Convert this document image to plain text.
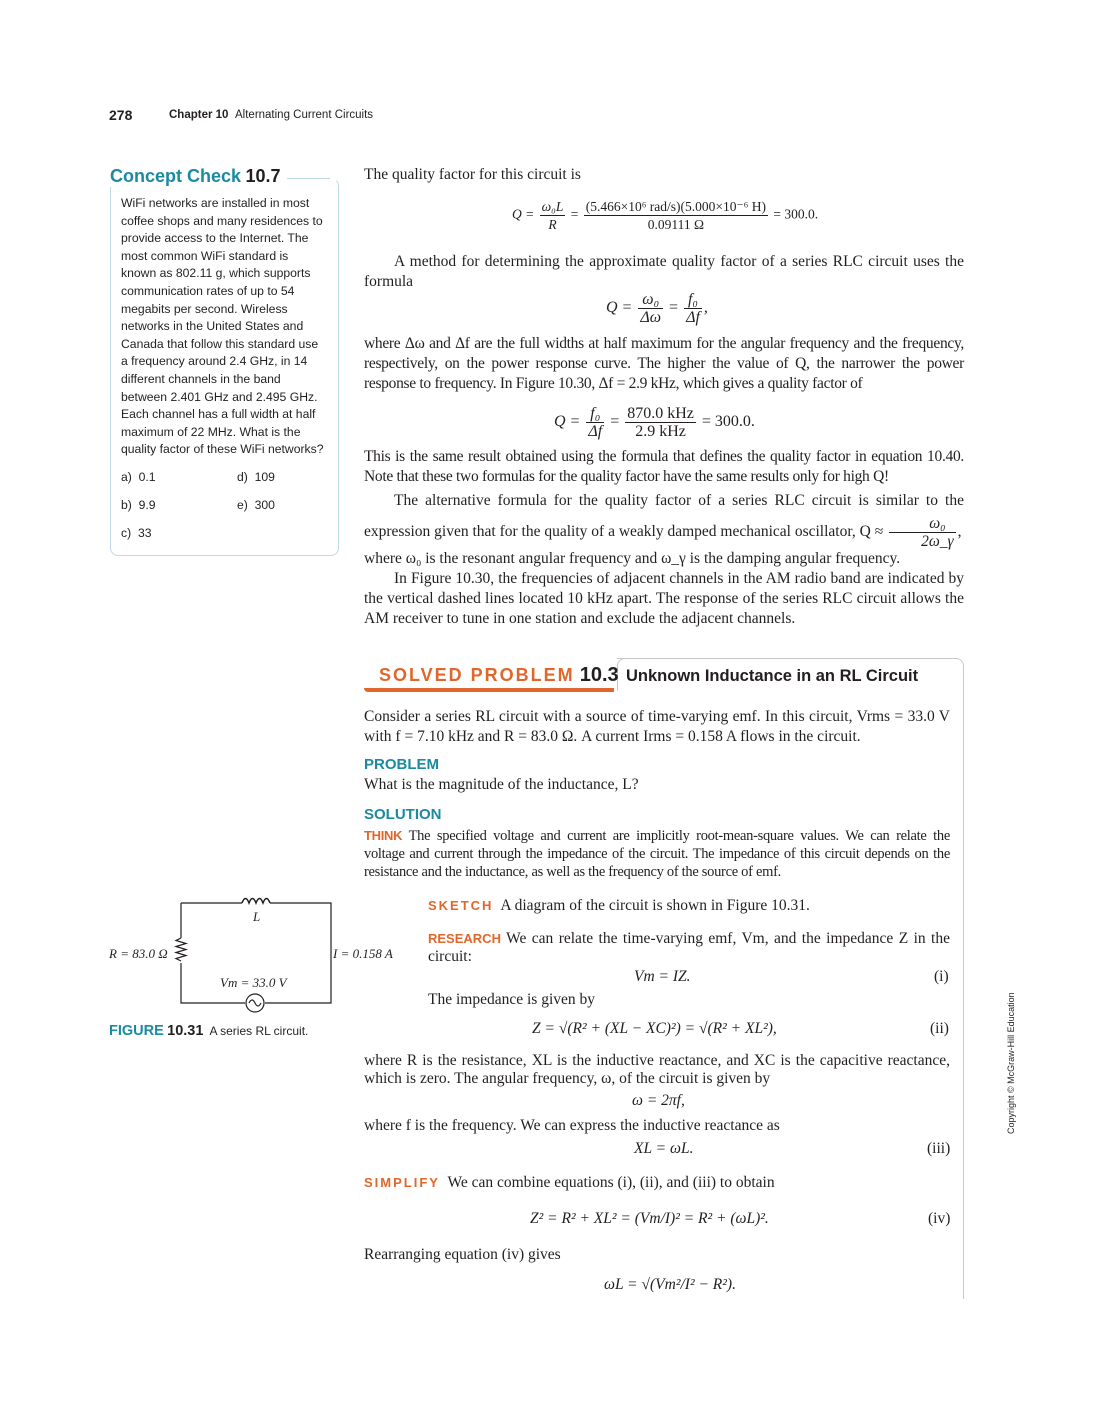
278	Chapter 10 Alternating Current Circuits
Concept Check 10.7
WiFi networks are installed in most coffee shops and many residences to provide access to the Internet. The most common WiFi standard is known as 802.11 g, which supports communication rates of up to 54 megabits per second. Wireless networks in the United States and Canada that follow this standard use a frequency around 2.4 GHz, in 14 different channels in the band between 2.401 GHz and 2.495 GHz. Each channel has a full width at half maximum of 22 MHz. What is the quality factor of these WiFi networks?
a) 0.1
b) 9.9
c) 33
d) 109
e) 300
The quality factor for this circuit is
$Q = \frac{\text{ω₀L}}{R} = \frac{\text{(5.466×10⁶ rad/s)(5.000×10⁻⁶ H)}}{0.09111 \Omega} = 300.0$.
A method for determining the approximate quality factor of a series RLC circuit uses the formula
$Q = \frac{\text{ω₀}}{\Delta\omega} = \frac{\text{f₀}}{\Delta f}$ ,
where Δω and Δf are the full widths at half maximum for the angular frequency and the frequency, respectively, on the power response curve. The higher the value of Q, the narrower the power response to frequency. In Figure 10.30, Δf = 2.9 kHz, which gives a quality factor of
$Q = \frac{\text{f₀}}{\Delta f} = \frac{\text{870.0 kHz}}{\text{2.9 kHz}} = 300.0$.
This is the same result obtained using the formula that defines the quality factor in equation 10.40. Note that these two formulas for the quality factor have the same results only for high Q!
The alternative formula for the quality factor of a series RLC circuit is similar to the expression given that for the quality of a weakly damped mechanical oscillator, $Q \approx \frac{\text{ω₀}}{2\omega\_\gamma}$ ,
where ω₀ is the resonant angular frequency and ω_γ is the damping angular frequency.
In Figure 10.30, the frequencies of adjacent channels in the AM radio band are indicated by the vertical dashed lines located 10 kHz apart. The response of the series RLC circuit allows the AM receiver to tune in one station and exclude the adjacent channels.
SOLVED PROBLEM 10.3 Unknown Inductance in an RL Circuit
Consider a series RL circuit with a source of time-varying emf. In this circuit, Vrms = 33.0 V with f = 7.10 kHz and R = 83.0 Ω. A current Irms = 0.158 A flows in the circuit.
PROBLEM
What is the magnitude of the inductance, L?
SOLUTION
THINK The specified voltage and current are implicitly root-mean-square values. We can relate the voltage and current through the impedance of the circuit. The impedance of this circuit depends on the resistance and the inductance, as well as the frequency of the source of emf.
SKETCH A diagram of the circuit is shown in Figure 10.31.
RESEARCH We can relate the time-varying emf, Vm, and the impedance Z in the circuit:
Vm = IZ.	(i)
The impedance is given by
Z = √(R² + (XL − XC)²) = √(R² + XL²),	(ii)
where R is the resistance, XL is the inductive reactance, and XC is the capacitive reactance, which is zero. The angular frequency, ω, of the circuit is given by
ω = 2πf,
where f is the frequency. We can express the inductive reactance as
XL = ωL.	(iii)
SIMPLIFY We can combine equations (i), (ii), and (iii) to obtain
Z² = R² + XL² = (Vm/I)² = R² + (ωL)².	(iv)
Rearranging equation (iv) gives
ωL = √(Vm²/I² − R²).
L
R = 83.0 Ω	I = 0.158 A
Vm = 33.0 V
FIGURE 10.31 A series RL circuit.	Copyright © McGraw-Hill Education
